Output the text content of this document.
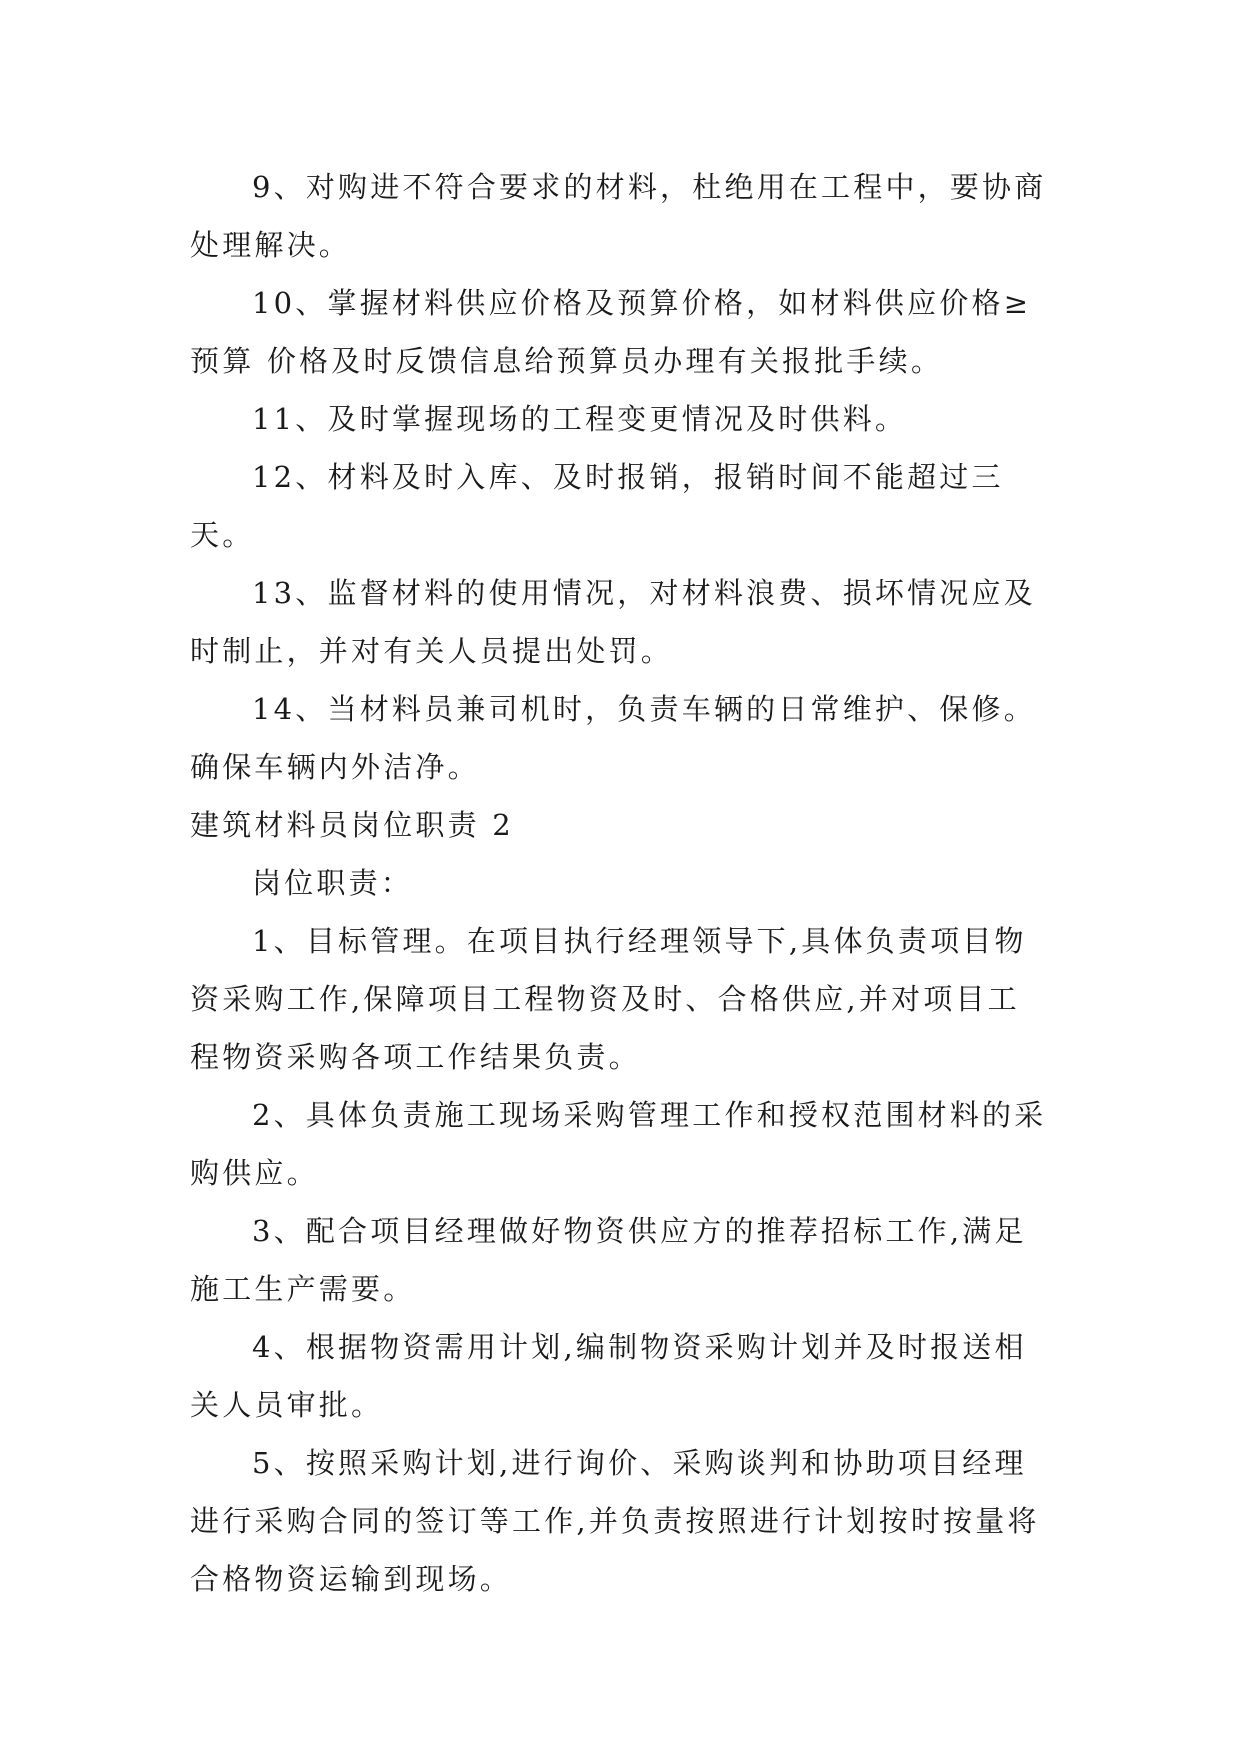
9、对购进不符合要求的材料，杜绝用在工程中，要协商处理解决。

10、掌握材料供应价格及预算价格，如材料供应价格≥预算 价格及时反馈信息给预算员办理有关报批手续。

11、及时掌握现场的工程变更情况及时供料。

12、材料及时入库、及时报销，报销时间不能超过三天。

13、监督材料的使用情况，对材料浪费、损坏情况应及时制止，并对有关人员提出处罚。

14、当材料员兼司机时，负责车辆的日常维护、保修。确保车辆内外洁净。

建筑材料员岗位职责 2

岗位职责：

1、目标管理。在项目执行经理领导下,具体负责项目物资采购工作,保障项目工程物资及时、合格供应,并对项目工程物资采购各项工作结果负责。

2、具体负责施工现场采购管理工作和授权范围材料的采购供应。

3、配合项目经理做好物资供应方的推荐招标工作,满足施工生产需要。

4、根据物资需用计划,编制物资采购计划并及时报送相关人员审批。

5、按照采购计划,进行询价、采购谈判和协助项目经理进行采购合同的签订等工作,并负责按照进行计划按时按量将合格物资运输到现场。
